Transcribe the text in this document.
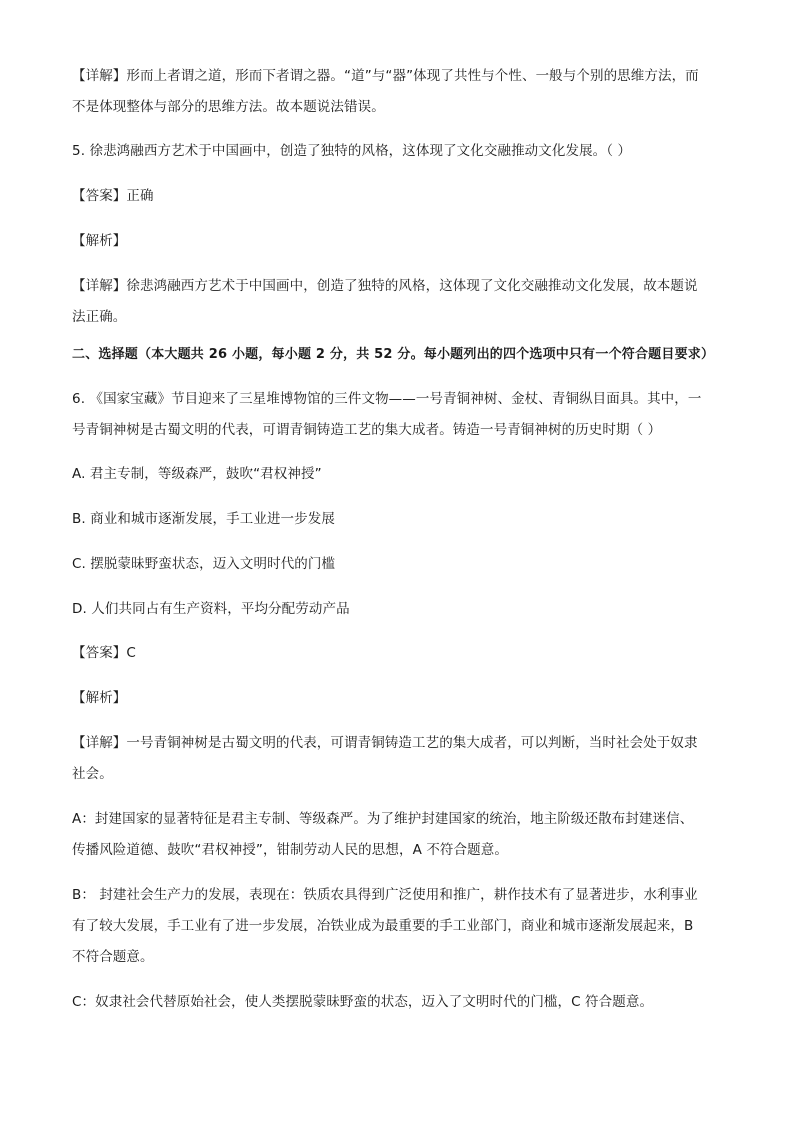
【详解】形而上者谓之道，形而下者谓之器。“道”与“器”体现了共性与个性、一般与个别的思维方法，而
不是体现整体与部分的思维方法。故本题说法错误。
5. 徐悲鸿融西方艺术于中国画中，创造了独特的风格，这体现了文化交融推动文化发展。（ ）
【答案】正确
【解析】
【详解】徐悲鸿融西方艺术于中国画中，创造了独特的风格，这体现了文化交融推动文化发展，故本题说
法正确。
二、选择题（本大题共 26 小题，每小题 2 分，共 52 分。每小题列出的四个选项中只有一个符合题目要求）
6. 《国家宝藏》节目迎来了三星堆博物馆的三件文物——一号青铜神树、金杖、青铜纵目面具。其中，一
号青铜神树是古蜀文明的代表，可谓青铜铸造工艺的集大成者。铸造一号青铜神树的历史时期（ ）
A. 君主专制，等级森严，鼓吹“君权神授”
B. 商业和城市逐渐发展，手工业进一步发展
C. 摆脱蒙昧野蛮状态，迈入文明时代的门槛
D. 人们共同占有生产资料，平均分配劳动产品
【答案】C
【解析】
【详解】一号青铜神树是古蜀文明的代表，可谓青铜铸造工艺的集大成者，可以判断，当时社会处于奴隶
社会。
A：封建国家的显著特征是君主专制、等级森严。为了维护封建国家的统治，地主阶级还散布封建迷信、
传播风险道德、鼓吹“君权神授”，钳制劳动人民的思想，A 不符合题意。
B： 封建社会生产力的发展，表现在：铁质农具得到广泛使用和推广，耕作技术有了显著进步，水利事业
有了较大发展，手工业有了进一步发展，冶铁业成为最重要的手工业部门，商业和城市逐渐发展起来，B
不符合题意。
C：奴隶社会代替原始社会，使人类摆脱蒙昧野蛮的状态，迈入了文明时代的门槛，C 符合题意。
